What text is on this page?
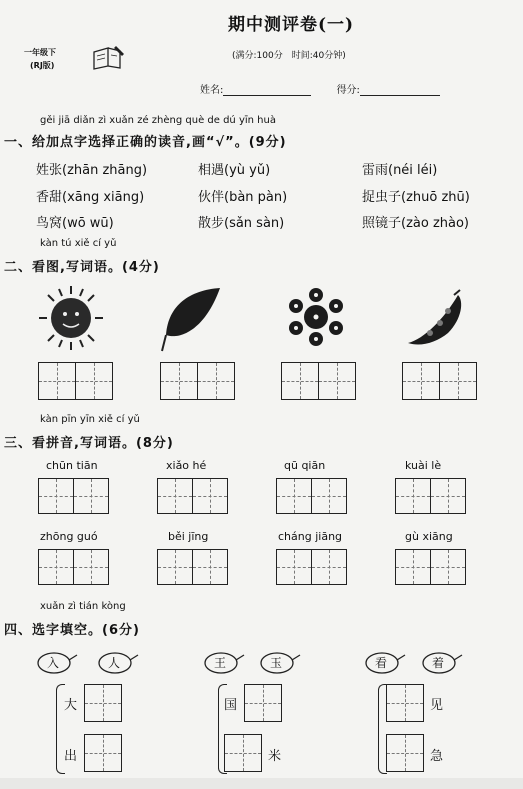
期中测评卷(一)
(满分:100分　时间:40分钟)
一年级下
(RJ版)
姓名:	得分:
gěi jiā diǎn zì xuǎn zé zhèng què de dú yīn huà
一、给加点字选择正确的读音,画“√”。(9分)
姓张(zhān zhāng)	相遇(yù yǔ)	雷雨(néi léi)
香甜(xāng xiāng)	伙伴(bàn pàn)	捉虫子(zhuō zhū)
鸟窝(wō wū)	散步(sǎn sàn)	照镜子(zào zhào)
kàn tú xiě cí yǔ
二、看图,写词语。(4分)
kàn pīn yīn xiě cí yǔ
三、看拼音,写词语。(8分)
chūn tiān	xiǎo hé	qū qiān	kuài lè
zhōng guó	běi jīng	cháng jiāng	gù xiāng
xuǎn zì tián kòng
四、选字填空。(6分)
入	人	王	玉	看	着
大
出
国
米
见
急
